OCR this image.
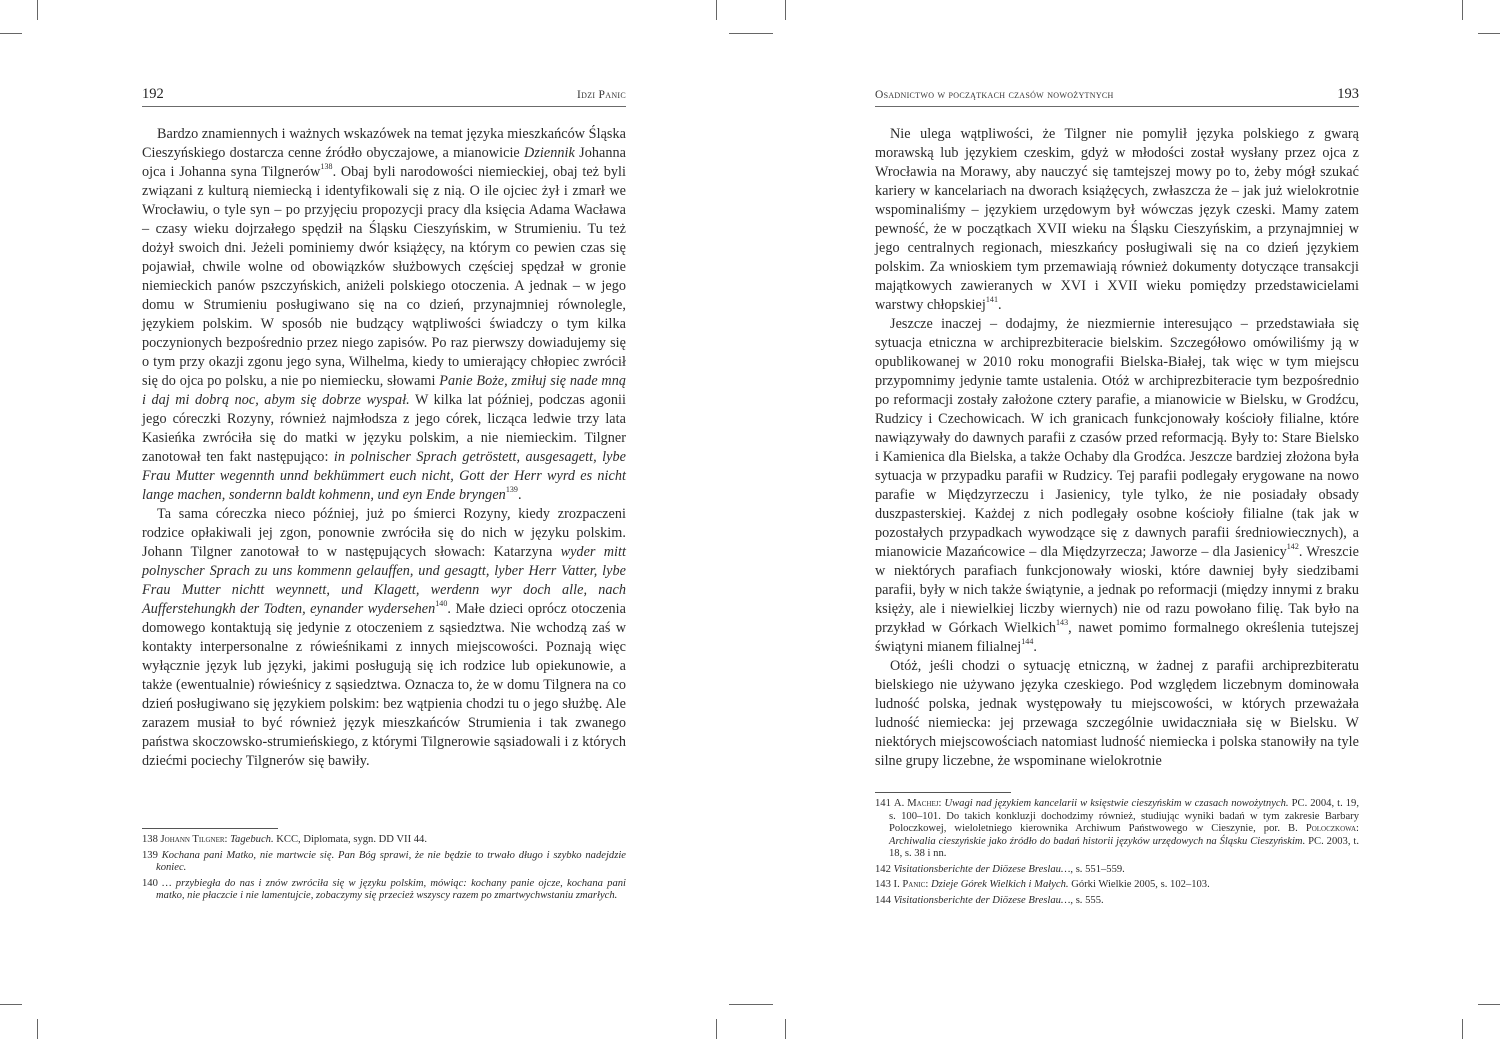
192	Idzi Panic

Bardzo znamiennych i ważnych wskazówek na temat języka mieszkańców Śląska Cieszyńskiego dostarcza cenne źródło obyczajowe, a mianowicie Dziennik Johanna ojca i Johanna syna Tilgnerów$^{138}$. Obaj byli narodowości niemieckiej, obaj też byli związani z kulturą niemiecką i identyfikowali się z nią. O ile ojciec żył i zmarł we Wrocławiu, o tyle syn – po przyjęciu propozycji pracy dla księcia Adama Wacława – czasy wieku dojrzałego spędził na Śląsku Cieszyńskim, w Strumieniu. Tu też dożył swoich dni. Jeżeli pominiemy dwór książęcy, na którym co pewien czas się pojawiał, chwile wolne od obowiązków służbowych częściej spędzał w gronie niemieckich panów pszczyńskich, aniżeli polskiego otoczenia. A jednak – w jego domu w Strumieniu posługiwano się na co dzień, przynajmniej równolegle, językiem polskim. W sposób nie budzący wątpliwości świadczy o tym kilka poczynionych bezpośrednio przez niego zapisów. Po raz pierwszy dowiadujemy się o tym przy okazji zgonu jego syna, Wilhelma, kiedy to umierający chłopiec zwrócił się do ojca po polsku, a nie po niemiecku, słowami Panie Boże, zmiłuj się nade mną i daj mi dobrą noc, abym się dobrze wyspał. W kilka lat później, podczas agonii jego córeczki Rozyny, również najmłodsza z jego córek, licząca ledwie trzy lata Kasieńka zwróciła się do matki w języku polskim, a nie niemieckim. Tilgner zanotował ten fakt następująco: in polnischer Sprach getröstett, ausgesagett, lybe Frau Mutter wegennth unnd bekhümmert euch nicht, Gott der Herr wyrd es nicht lange machen, sondernn baldt kohmenn, und eyn Ende bryngen$^{139}$.

Ta sama córeczka nieco później, już po śmierci Rozyny, kiedy zrozpaczeni rodzice opłakiwali jej zgon, ponownie zwróciła się do nich w języku polskim. Johann Tilgner zanotował to w następujących słowach: Katarzyna wyder mitt polnyscher Sprach zu uns kommenn gelauffen, und gesagtt, lyber Herr Vatter, lybe Frau Mutter nichtt weynnett, und Klagett, werdenn wyr doch alle, nach Aufferstehungkh der Todten, eynander wydersehen$^{140}$. Małe dzieci oprócz otoczenia domowego kontaktują się jedynie z otoczeniem z sąsiedztwa. Nie wchodzą zaś w kontakty interpersonalne z rówieśnikami z innych miejscowości. Poznają więc wyłącznie język lub języki, jakimi posługują się ich rodzice lub opiekunowie, a także (ewentualnie) rówieśnicy z sąsiedztwa. Oznacza to, że w domu Tilgnera na co dzień posługiwano się językiem polskim: bez wątpienia chodzi tu o jego służbę. Ale zarazem musiał to być również język mieszkańców Strumienia i tak zwanego państwa skoczowsko-strumieńskiego, z którymi Tilgnerowie sąsiadowali i z których dziećmi pociechy Tilgnerów się bawiły.

138 Johann Tilgner: Tagebuch. KCC, Diplomata, sygn. DD VII 44.

139 Kochana pani Matko, nie martwcie się. Pan Bóg sprawi, że nie będzie to trwało długo i szybko nadejdzie koniec.

140 … przybiegła do nas i znów zwróciła się w języku polskim, mówiąc: kochany panie ojcze, kochana pani matko, nie płaczcie i nie lamentujcie, zobaczymy się przecież wszyscy razem po zmartwychwstaniu zmarłych.

Osadnictwo w początkach czasów nowożytnych	193

Nie ulega wątpliwości, że Tilgner nie pomylił języka polskiego z gwarą morawską lub językiem czeskim, gdyż w młodości został wysłany przez ojca z Wrocławia na Morawy, aby nauczyć się tamtejszej mowy po to, żeby mógł szukać kariery w kancelariach na dworach książęcych, zwłaszcza że – jak już wielokrotnie wspominaliśmy – językiem urzędowym był wówczas język czeski. Mamy zatem pewność, że w początkach XVII wieku na Śląsku Cieszyńskim, a przynajmniej w jego centralnych regionach, mieszkańcy posługiwali się na co dzień językiem polskim. Za wnioskiem tym przemawiają również dokumenty dotyczące transakcji majątkowych zawieranych w XVI i XVII wieku pomiędzy przedstawicielami warstwy chłopskiej$^{141}$.

Jeszcze inaczej – dodajmy, że niezmiernie interesująco – przedstawiała się sytuacja etniczna w archiprezbiteracie bielskim. Szczegółowo omówiliśmy ją w opublikowanej w 2010 roku monografii Bielska-Białej, tak więc w tym miejscu przypomnimy jedynie tamte ustalenia. Otóż w archiprezbiteracie tym bezpośrednio po reformacji zostały założone cztery parafie, a mianowicie w Bielsku, w Grodźcu, Rudzicy i Czechowicach. W ich granicach funkcjonowały kościoły filialne, które nawiązywały do dawnych parafii z czasów przed reformacją. Były to: Stare Bielsko i Kamienica dla Bielska, a także Ochaby dla Grodźca. Jeszcze bardziej złożona była sytuacja w przypadku parafii w Rudzicy. Tej parafii podlegały erygowane na nowo parafie w Międzyrzeczu i Jasienicy, tyle tylko, że nie posiadały obsady duszpasterskiej. Każdej z nich podlegały osobne kościoły filialne (tak jak w pozostałych przypadkach wywodzące się z dawnych parafii średniowiecznych), a mianowicie Mazańcowice – dla Międzyrzecza; Jaworze – dla Jasienicy$^{142}$. Wreszcie w niektórych parafiach funkcjonowały wioski, które dawniej były siedzibami parafii, były w nich także świątynie, a jednak po reformacji (między innymi z braku księży, ale i niewielkiej liczby wiernych) nie od razu powołano filię. Tak było na przykład w Górkach Wielkich$^{143}$, nawet pomimo formalnego określenia tutejszej świątyni mianem filialnej$^{144}$.

Otóż, jeśli chodzi o sytuację etniczną, w żadnej z parafii archiprezbiteratu bielskiego nie używano języka czeskiego. Pod względem liczebnym dominowała ludność polska, jednak występowały tu miejscowości, w których przeważała ludność niemiecka: jej przewaga szczególnie uwidaczniała się w Bielsku. W niektórych miejscowościach natomiast ludność niemiecka i polska stanowiły na tyle silne grupy liczebne, że wspominane wielokrotnie

141 A. Machej: Uwagi nad językiem kancelarii w księstwie cieszyńskim w czasach nowożytnych. PC. 2004, t. 19, s. 100–101. Do takich konkluzji dochodzimy również, studiując wyniki badań w tym zakresie Barbary Poloczkowej, wieloletniego kierownika Archiwum Państwowego w Cieszynie, por. B. Poloczkowa: Archiwalia cieszyńskie jako źródło do badań historii języków urzędowych na Śląsku Cieszyńskim. PC. 2003, t. 18, s. 38 i nn.

142 Visitationsberichte der Diözese Breslau…, s. 551–559.

143 I. Panic: Dzieje Górek Wielkich i Małych. Górki Wielkie 2005, s. 102–103.

144 Visitationsberichte der Diözese Breslau…, s. 555.
